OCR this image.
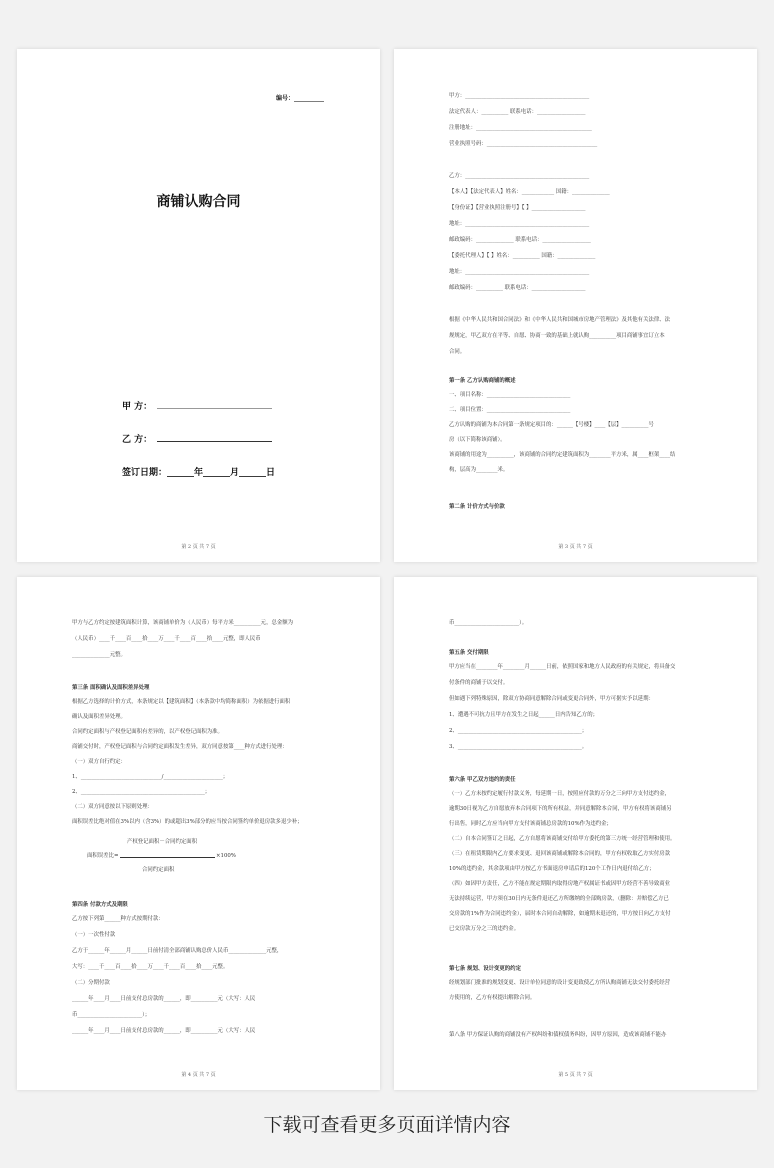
编号：__________
商铺认购合同
甲 方：
乙 方：
签订日期：______年______月______日
第 2 页 共 7 页
甲方：______________________________________________
法定代表人：__________ 联系电话：__________________
注册地址：___________________________________________
营业执照号码：_________________________________________
乙方：______________________________________________
【本人】【法定代表人】姓名：____________ 国籍：______________
【身份证】【营业执照注册号】【 】____________________
地址：______________________________________________
邮政编码：______________ 联系电话：__________________
【委托代理人】【 】姓名：__________ 国籍：______________
地址：______________________________________________
邮政编码：__________ 联系电话：____________________
根据《中华人民共和国合同法》和《中华人民共和国城市房地产管理法》及其他有关法律、法
规规定，甲乙双方在平等、自愿、协商一致的基础上就认购__________项目商铺事宜订立本
合同。
第一条 乙方认购商铺的概述
一、项目名称：_______________________________
二、项目位置：_______________________________
乙方认购的商铺为本合同第一条规定项目的：______【号楼】____【层】__________号
房（以下简称该商铺）。
该商铺的用途为__________，该商铺的合同约定建筑面积为________平方米，属____框架____结
构，层高为________米。
第二条 计价方式与价款
第 3 页 共 7 页
甲方与乙方约定按建筑面积计算，该商铺单价为（人民币）每平方米__________元，总金额为
（人民币）____千____百____拾____万____千____百____拾____元整，即人民币
______________元整。
第三条 面积确认及面积差异处理
根据乙方选择的计价方式，本条规定以【建筑面积】（本条款中均简称面积）为依据进行面积
确认及面积差异处理。
合同约定面积与产权登记面积有差异的，以产权登记面积为准。
商铺交付时，产权登记面积与合同约定面积发生差异，双方同意按第____种方式进行处理：
（一）双方自行约定：
1、______________________________/______________________；
2、______________________________________________；
（二）双方同意按以下原则处理：
面积误差比绝对值在3%以内（含3%）的或超出3%部分的应当按合同签约单价退房款多退少补；
产权登记面积－合同约定面积
面积误差比=	×100%
合同约定面积
第四条 付款方式及期限
乙方按下列第______种方式按期付款：
（一）一次性付款
乙方于______年______月______日前付清全部商铺认购总价人民币______________元整，
大写：____千____百____拾____万____千____百____拾____元整。
（二）分期付款
______年____月____日前支付总房款的______，即__________元（大写：人民
币________________________）；
______年____月____日前支付总房款的______，即__________元（大写：人民
第 4 页 共 7 页
币________________________）。
第五条 交付期限
甲方应当在________年________月______日前，依照国家和地方人民政府的有关规定，将具备交
付条件的商铺于以交付。
但如遇下列特殊原因，除双方协商同意解除合同或变更合同外，甲方可据实予以延期：
1、遭遇不可抗力且甲方在发生之日起______日内告知乙方的；
2、______________________________________________；
3、______________________________________________。
第六条 甲乙双方违约的责任
（一）乙方未按约定履行付款义务，每延期一日，按照应付款的万分之三向甲方支付违约金，
逾期30日视为乙方自愿放弃本合同项下的所有权益，并同意解除本合同，甲方有权将该商铺另
行出售，同时乙方应当向甲方支付该商铺总房款的10%作为违约金；
（二）自本合同签订之日起，乙方自愿将该商铺交付给甲方委托的第三方统一经营管理和使用。
（三）在租赁期限内乙方要求变更、退回该商铺或解除本合同的，甲方有权收取乙方实付房款
10%的违约金，其余款项由甲方按乙方书面退房申请后的120个工作日内退付给乙方；
（四）如因甲方责任，乙方不能在规定期限内取得房地产权属证书或因甲方经营不善导致商业
无法持续运营，甲方须在30日内无条件退还乙方所缴纳的全部购房款，（删除：并赔偿乙方已
交房款的1%作为合同违约金），届时本合同自动解除，如逾期未退还的，甲方按日向乙方支付
已交房款万分之三的违约金。
第七条 规划、设计变更的约定
经规划部门批准的规划变更、设计单位同意的设计变更致使乙方所认购商铺无法交付委托经营
方使用的，乙方有权提出解除合同。
第八条 甲方保证认购的商铺没有产权纠纷和债权债务纠纷，因甲方原因，造成该商铺不能办
第 5 页 共 7 页
下载可查看更多页面详情内容
